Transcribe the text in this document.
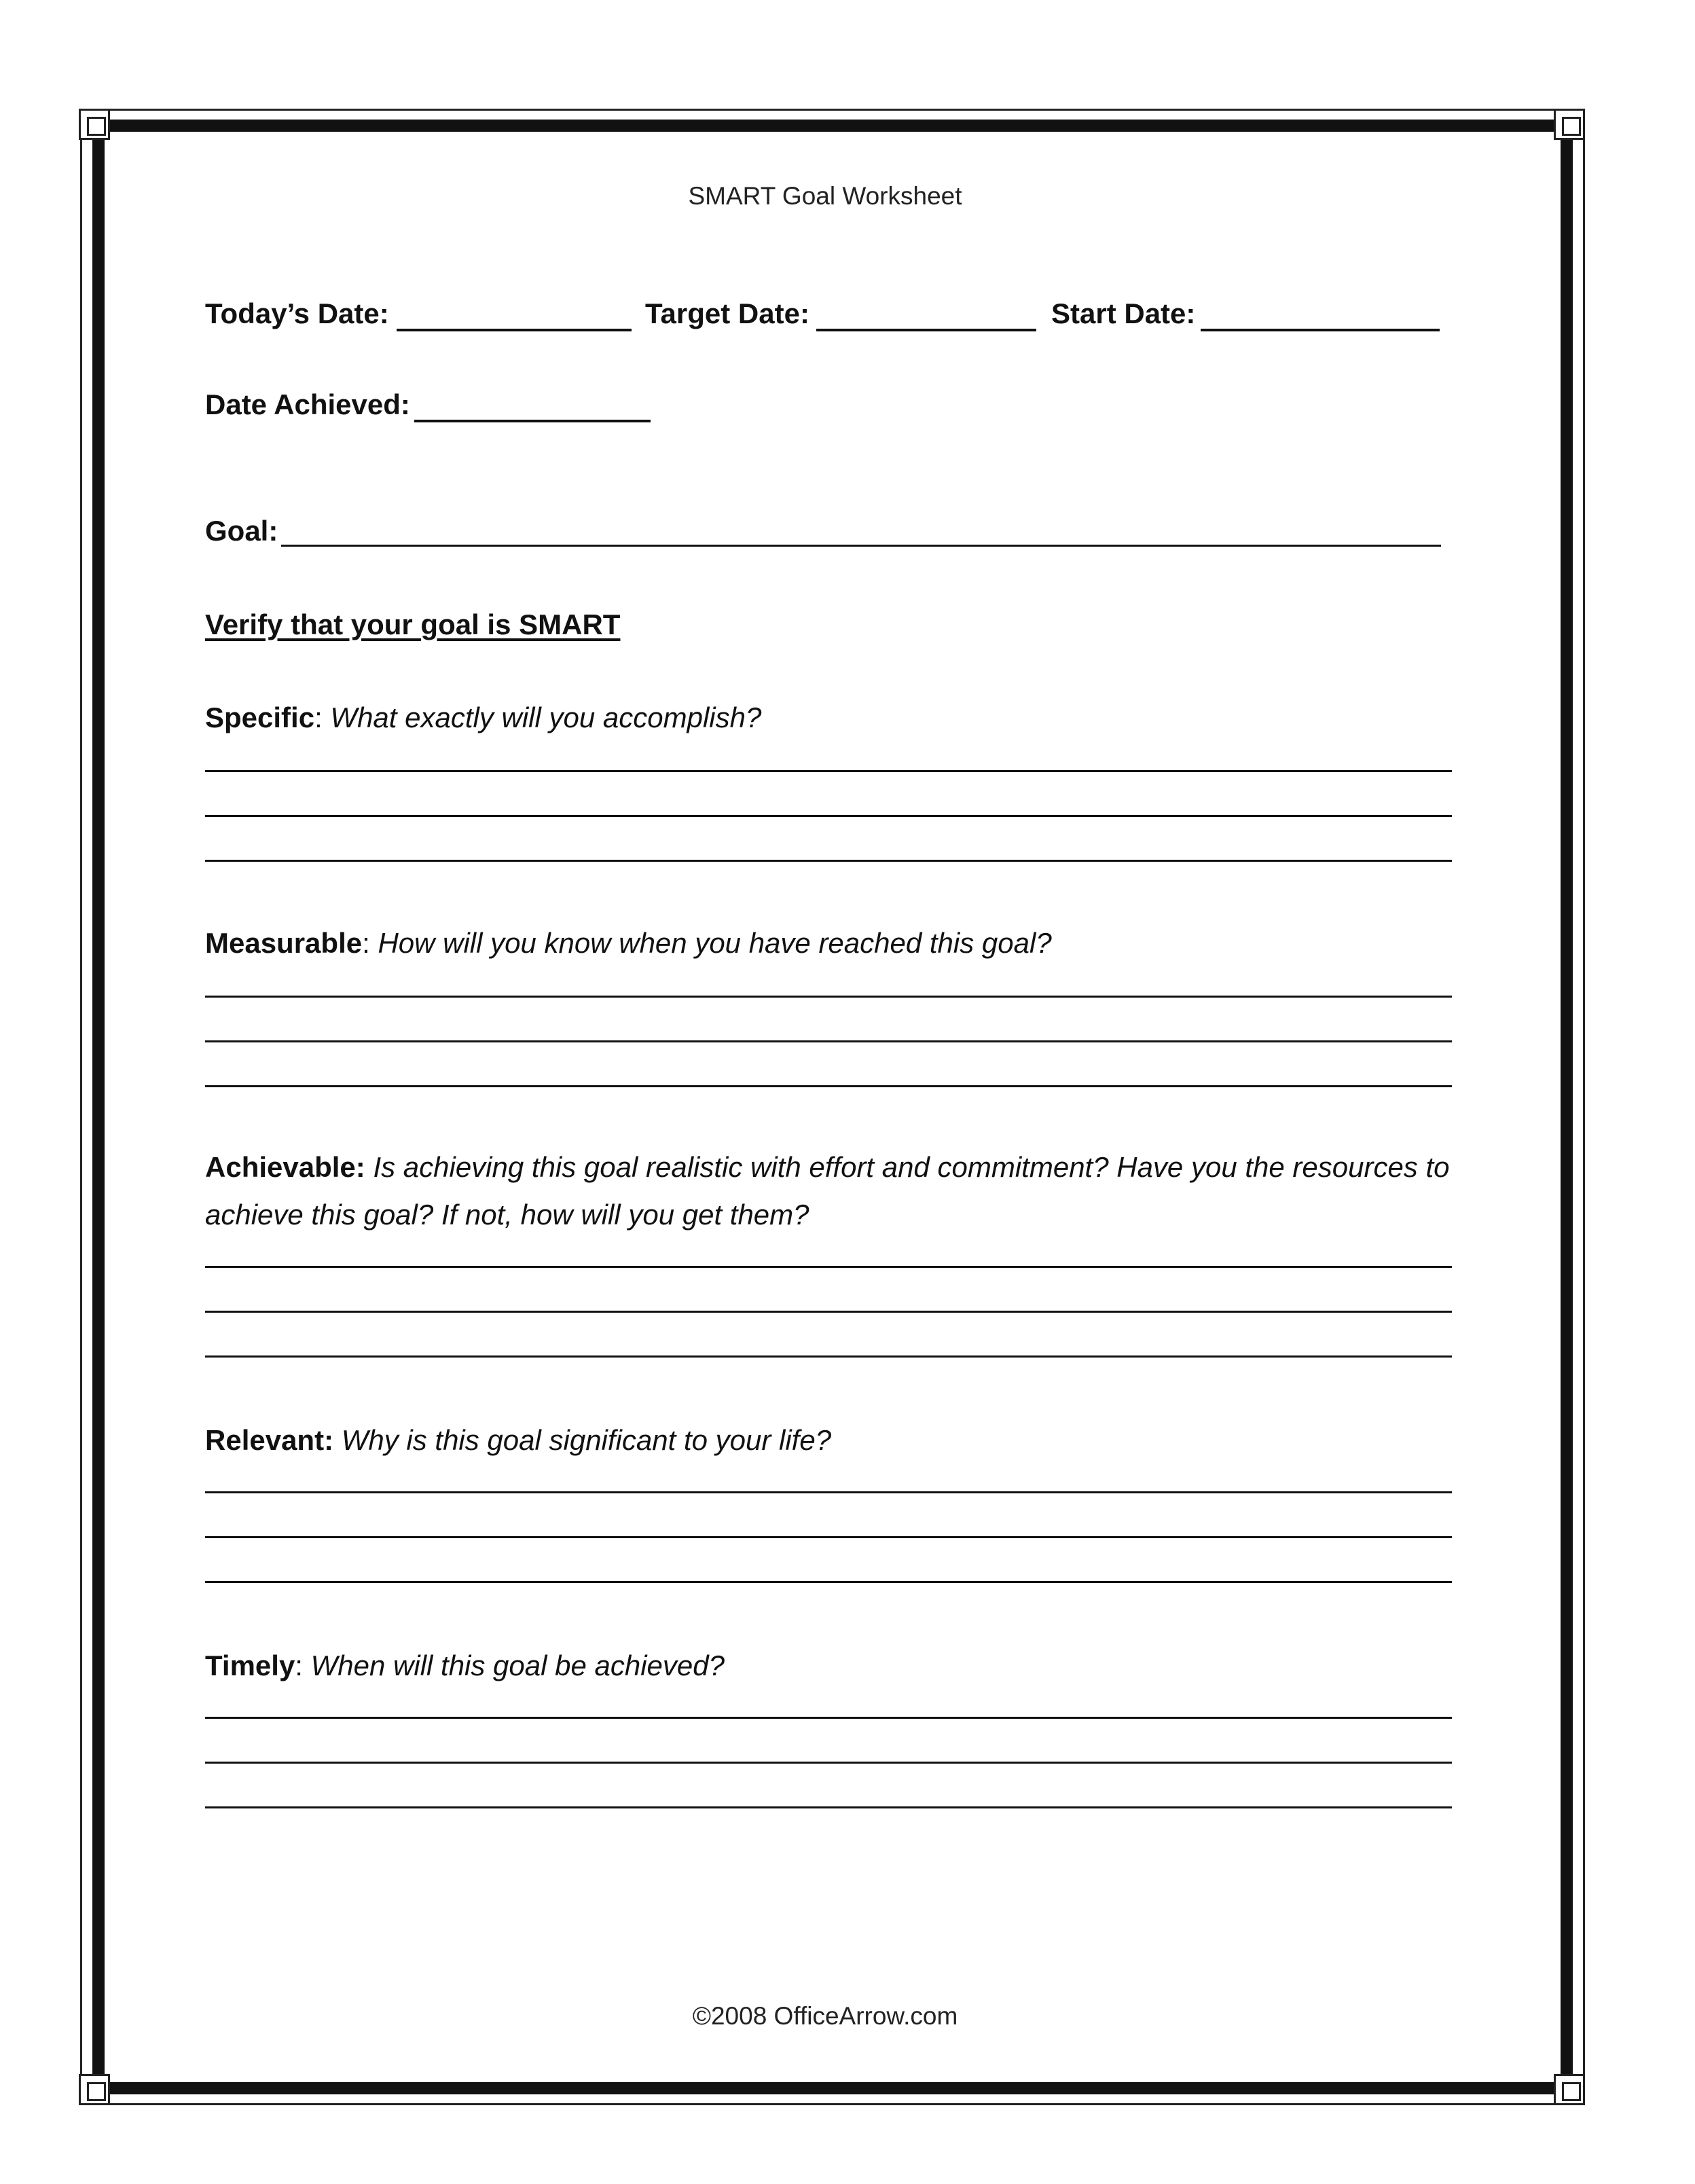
SMART Goal Worksheet
Today’s Date:	Target Date:	Start Date:
Date Achieved:
Goal:
Verify that your goal is SMART
Specific: What exactly will you accomplish?
Measurable: How will you know when you have reached this goal?
Achievable: Is achieving this goal realistic with effort and commitment? Have you the resources to achieve this goal? If not, how will you get them?
Relevant: Why is this goal significant to your life?
Timely: When will this goal be achieved?
©2008 OfficeArrow.com
